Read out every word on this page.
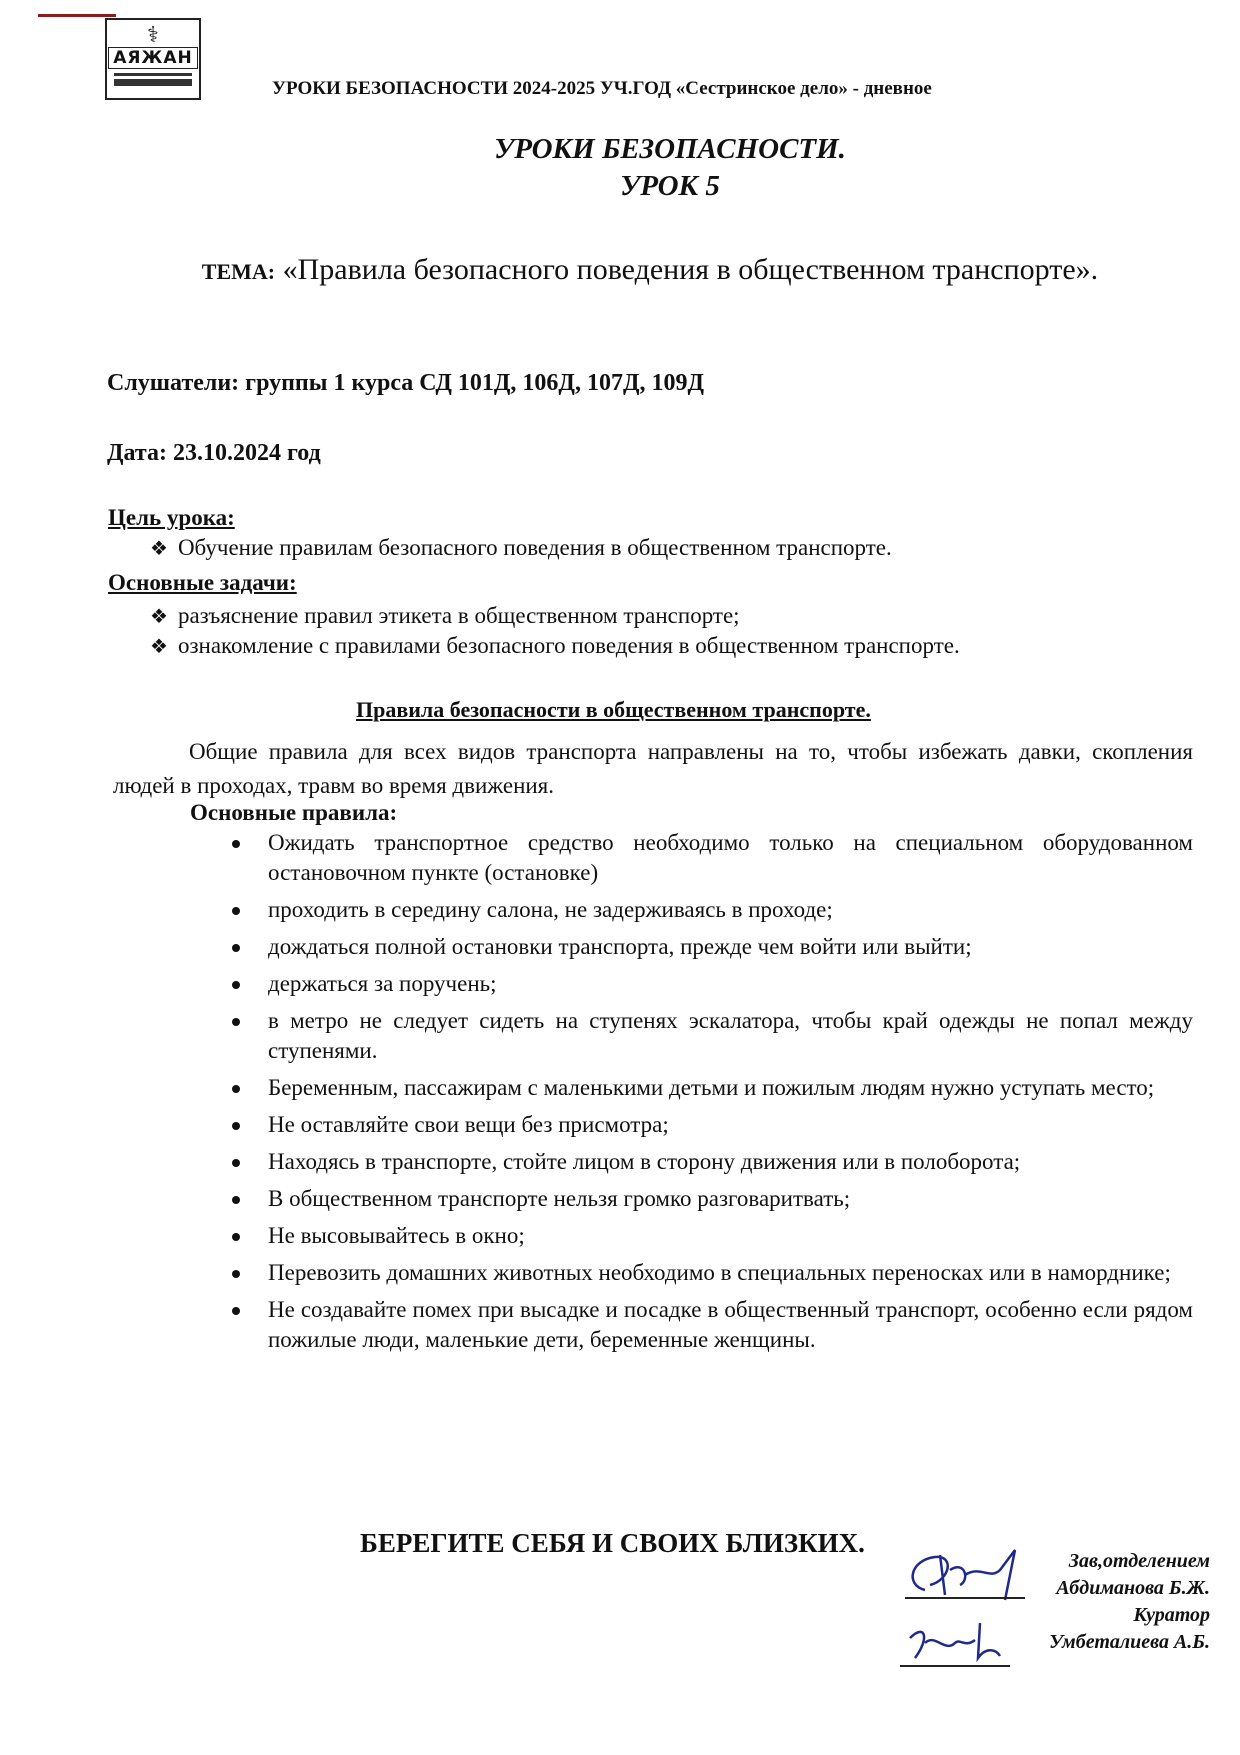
⚕
АЯЖАН
УРОКИ БЕЗОПАСНОСТИ 2024-2025 УЧ.ГОД «Сестринское дело» - дневное
УРОКИ БЕЗОПАСНОСТИ.
УРОК 5
ТЕМА: «Правила безопасного поведения в общественном транспорте».
Слушатели: группы 1 курса СД 101Д, 106Д, 107Д, 109Д
Дата: 23.10.2024 год
Цель урока:
❖ Обучение правилам безопасного поведения в общественном транспорте.
Основные задачи:
❖ разъяснение правил этикета в общественном транспорте;
❖ ознакомление с правилами безопасного поведения в общественном транспорте.
Правила безопасности в общественном транспорте.
Общие правила для всех видов транспорта направлены на то, чтобы избежать давки, скопления людей в проходах, травм во время движения.
Основные правила:
Ожидать транспортное средство необходимо только на специальном оборудованном остановочном пункте (остановке)
проходить в середину салона, не задерживаясь в проходе;
дождаться полной остановки транспорта, прежде чем войти или выйти;
держаться за поручень;
в метро не следует сидеть на ступенях эскалатора, чтобы край одежды не попал между ступенями.
Беременным, пассажирам с маленькими детьми и пожилым людям нужно уступать место;
Не оставляйте свои вещи без присмотра;
Находясь в транспорте, стойте лицом в сторону движения или в полоборота;
В общественном транспорте нельзя громко разговаритвать;
Не высовывайтесь в окно;
Перевозить домашних животных необходимо в специальных переносках или в наморднике;
Не создавайте помех при высадке и посадке в общественный транспорт, особенно если рядом пожилые люди, маленькие дети, беременные женщины.
БЕРЕГИТЕ СЕБЯ И СВОИХ БЛИЗКИХ.
Зав,отделением
Абдиманова Б.Ж.
Куратор
Умбеталиева А.Б.
